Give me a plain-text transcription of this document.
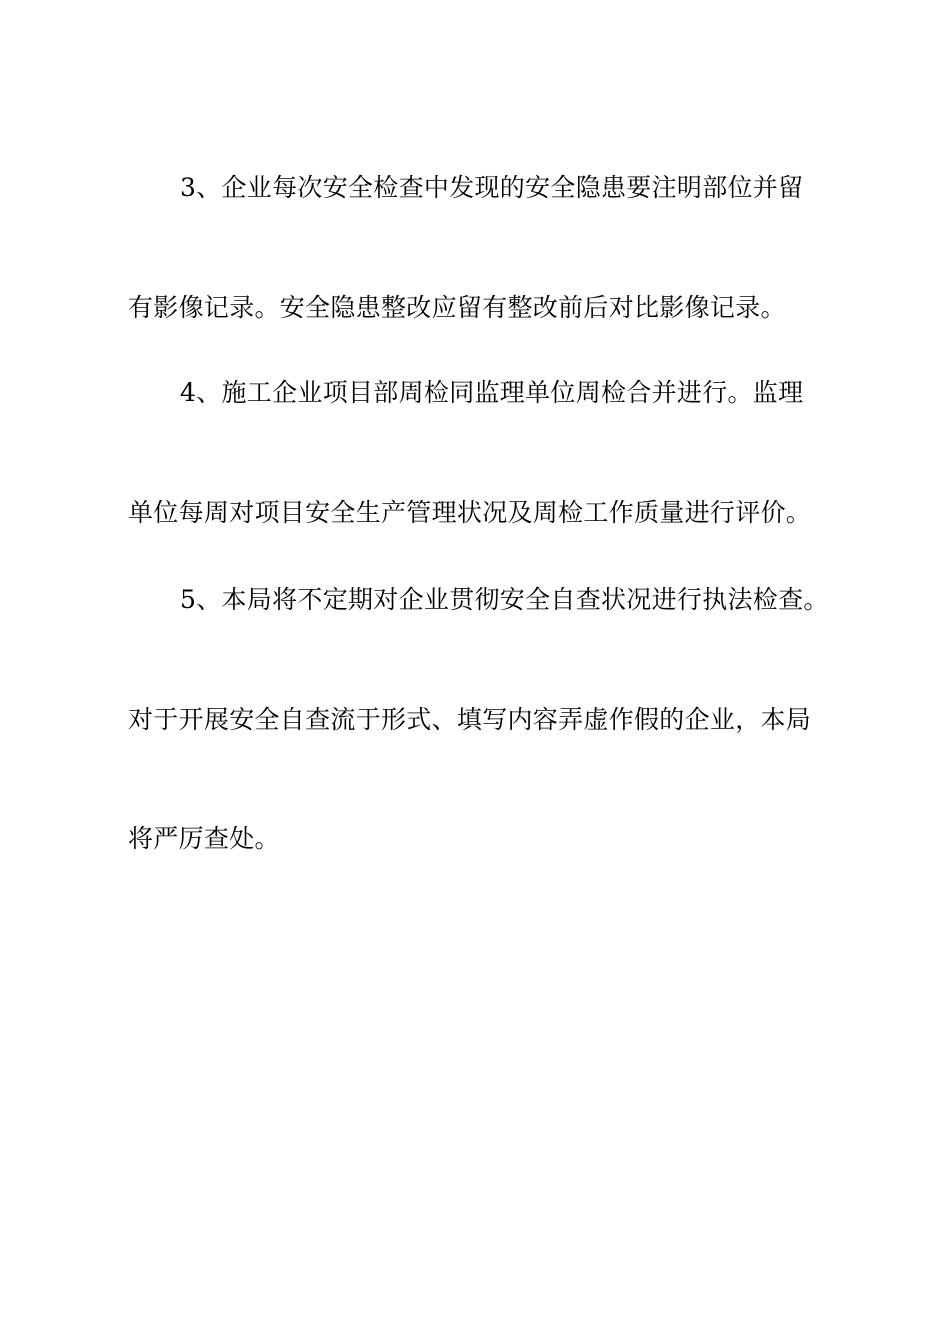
3、企业每次安全检查中发现的安全隐患要注明部位并留
有影像记录。安全隐患整改应留有整改前后对比影像记录。
4、施工企业项目部周检同监理单位周检合并进行。监理
单位每周对项目安全生产管理状况及周检工作质量进行评价。
5、本局将不定期对企业贯彻安全自查状况进行执法检查。
对于开展安全自查流于形式、填写内容弄虚作假的企业，本局
将严厉查处。
